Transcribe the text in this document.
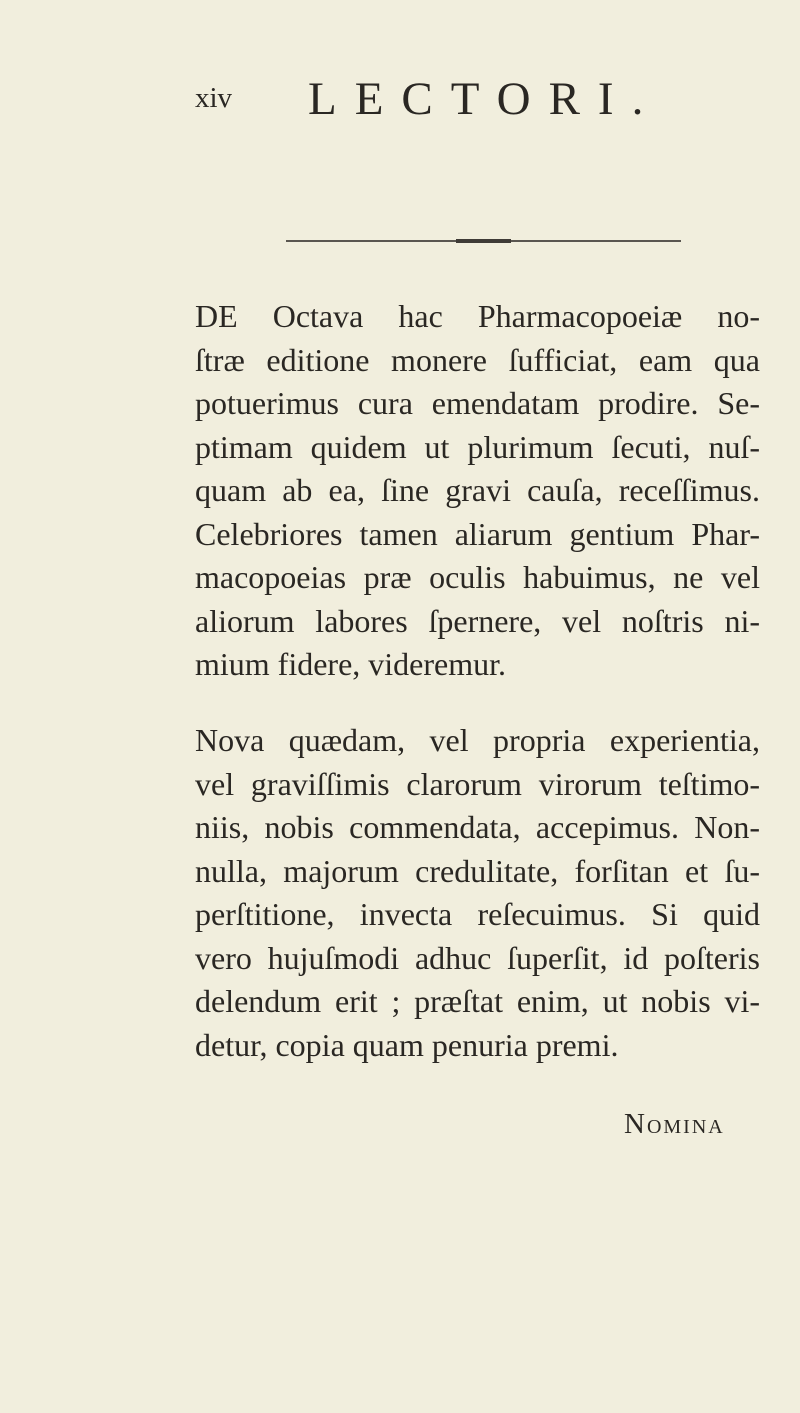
xiv LECTORI.
DE Octava hac Pharmacopoeiæ no-
ſtræ editione monere ſufficiat, eam qua
potuerimus cura emendatam prodire. Se-
ptimam quidem ut plurimum ſecuti, nuſ-
quam ab ea, ſine gravi cauſa, receſſimus.
Celebriores tamen aliarum gentium Phar-
macopoeias præ oculis habuimus, ne vel
aliorum labores ſpernere, vel noſtris ni-
mium fidere, videremur.
Nova quædam, vel propria experientia,
vel graviſſimis clarorum virorum teſtimo-
niis, nobis commendata, accepimus. Non-
nulla, majorum credulitate, forſitan et ſu-
perſtitione, invecta reſecuimus. Si quid
vero hujuſmodi adhuc ſuperſit, id poſteris
delendum erit ; præſtat enim, ut nobis vi-
detur, copia quam penuria premi.
Nomina
